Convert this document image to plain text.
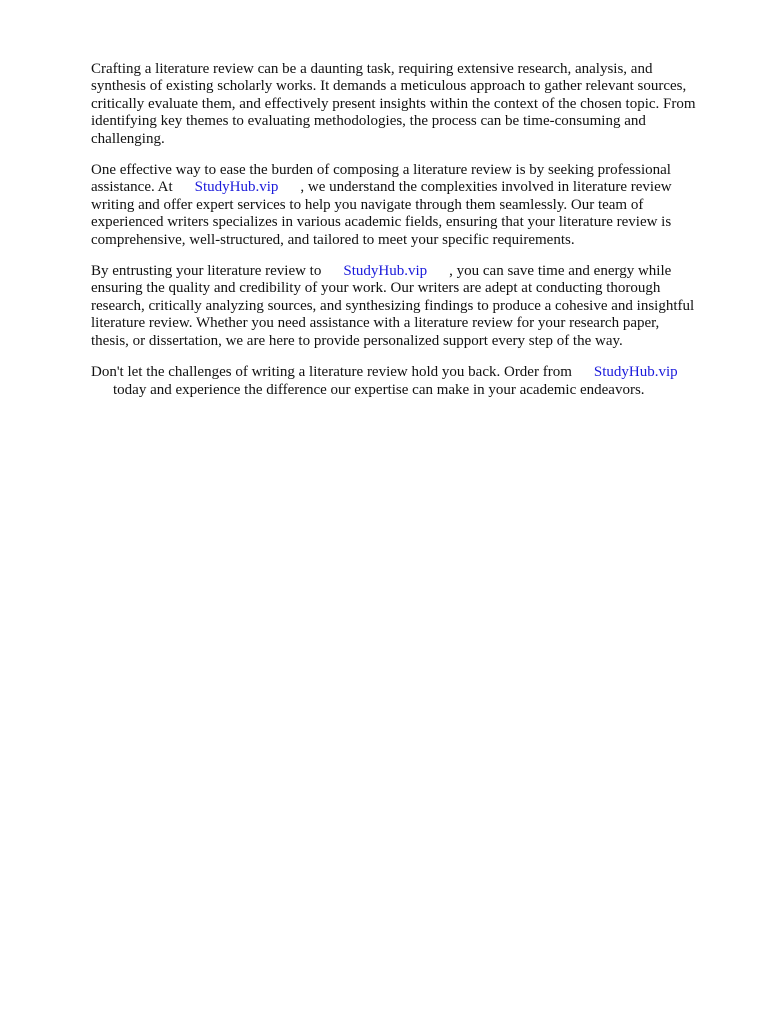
Crafting a literature review can be a daunting task, requiring extensive research, analysis, and
synthesis of existing scholarly works. It demands a meticulous approach to gather relevant sources,
critically evaluate them, and effectively present insights within the context of the chosen topic. From
identifying key themes to evaluating methodologies, the process can be time-consuming and
challenging.

One effective way to ease the burden of composing a literature review is by seeking professional
assistance. At StudyHub.vip , we understand the complexities involved in literature review
writing and offer expert services to help you navigate through them seamlessly. Our team of
experienced writers specializes in various academic fields, ensuring that your literature review is
comprehensive, well-structured, and tailored to meet your specific requirements.

By entrusting your literature review to StudyHub.vip , you can save time and energy while
ensuring the quality and credibility of your work. Our writers are adept at conducting thorough
research, critically analyzing sources, and synthesizing findings to produce a cohesive and insightful
literature review. Whether you need assistance with a literature review for your research paper,
thesis, or dissertation, we are here to provide personalized support every step of the way.

Don't let the challenges of writing a literature review hold you back. Order from StudyHub.vip
today and experience the difference our expertise can make in your academic endeavors.
